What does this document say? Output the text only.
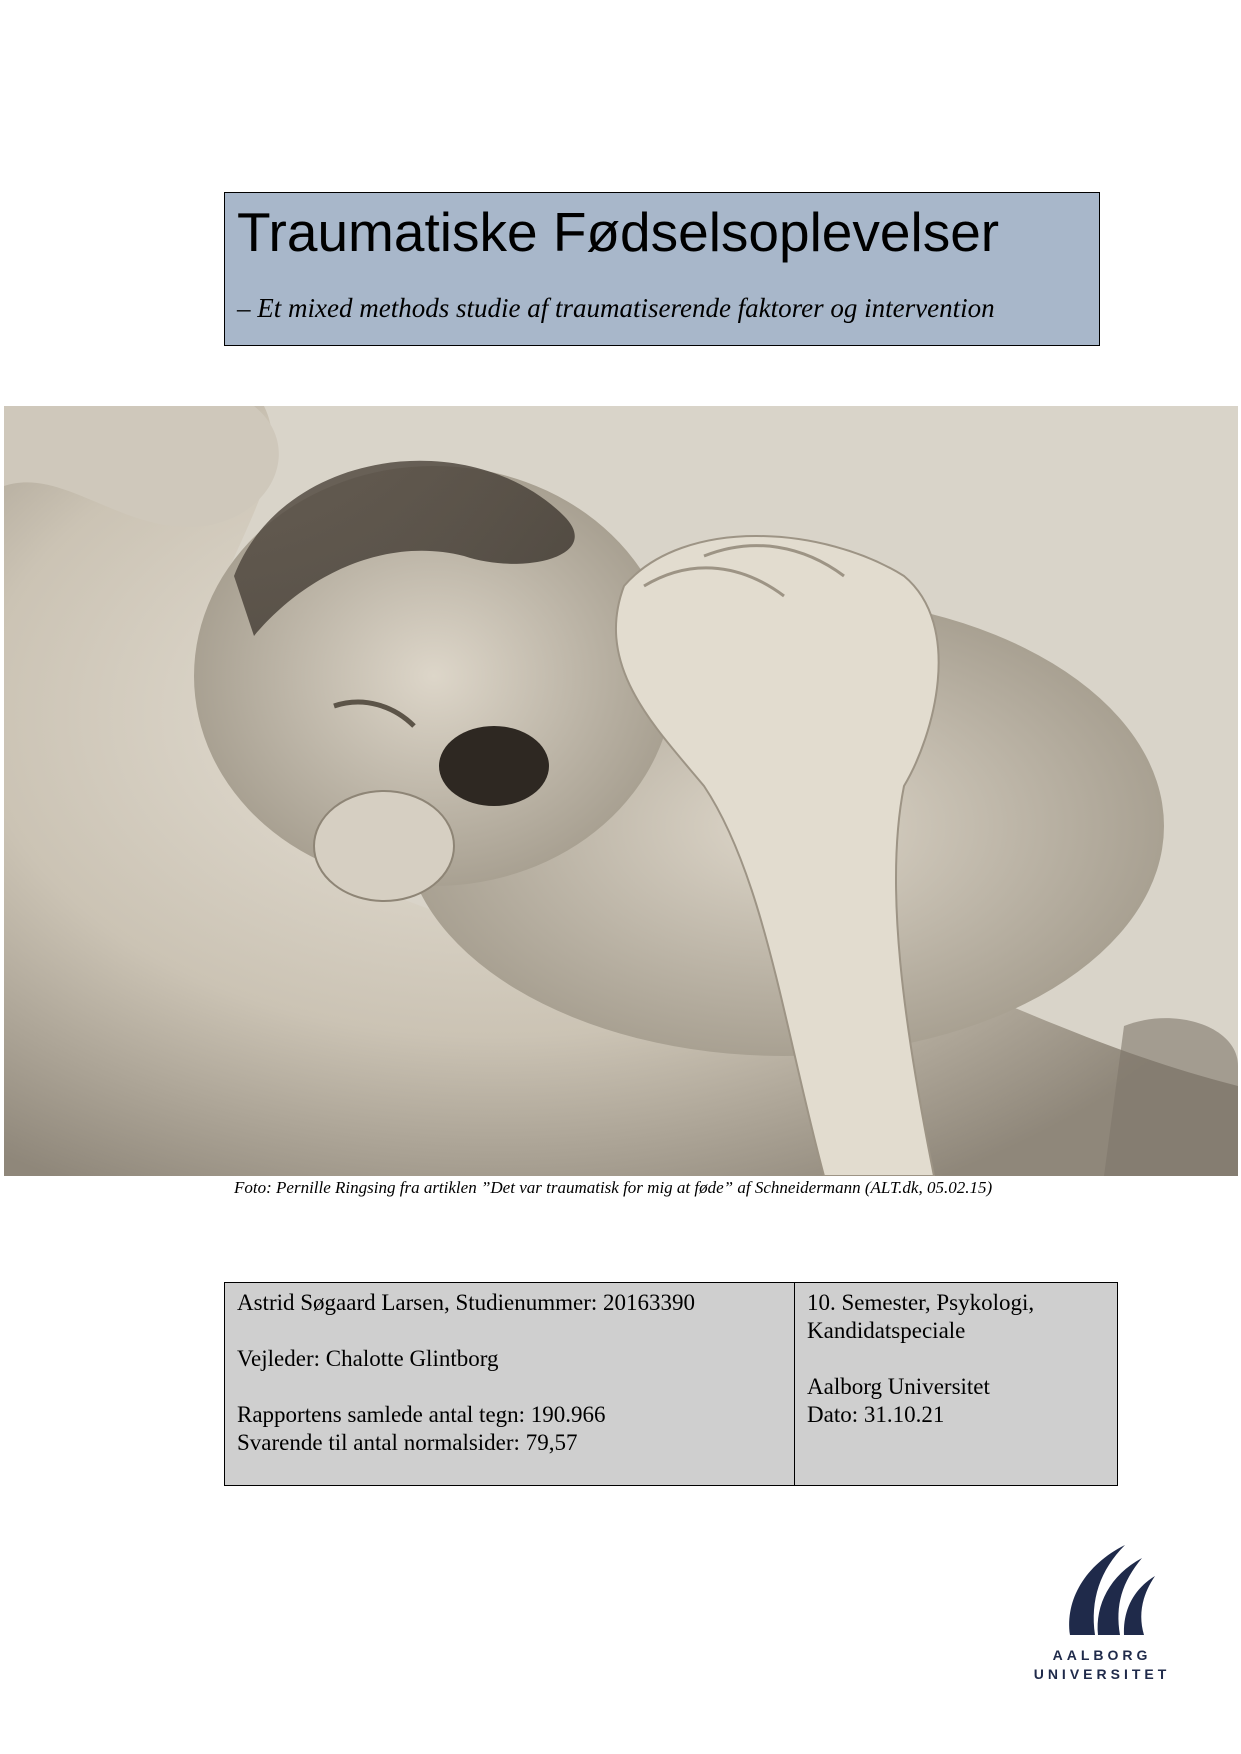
Traumatiske Fødselsoplevelser
– Et mixed methods studie af traumatiserende faktorer og intervention
Foto: Pernille Ringsing fra artiklen ”Det var traumatisk for mig at føde” af Schneidermann (ALT.dk, 05.02.15)
Astrid Søgaard Larsen, Studienummer: 20163390
Vejleder: Chalotte Glintborg
Rapportens samlede antal tegn: 190.966
Svarende til antal normalsider: 79,57
10. Semester, Psykologi,
Kandidatspeciale
Aalborg Universitet
Dato: 31.10.21
AALBORG
UNIVERSITET
